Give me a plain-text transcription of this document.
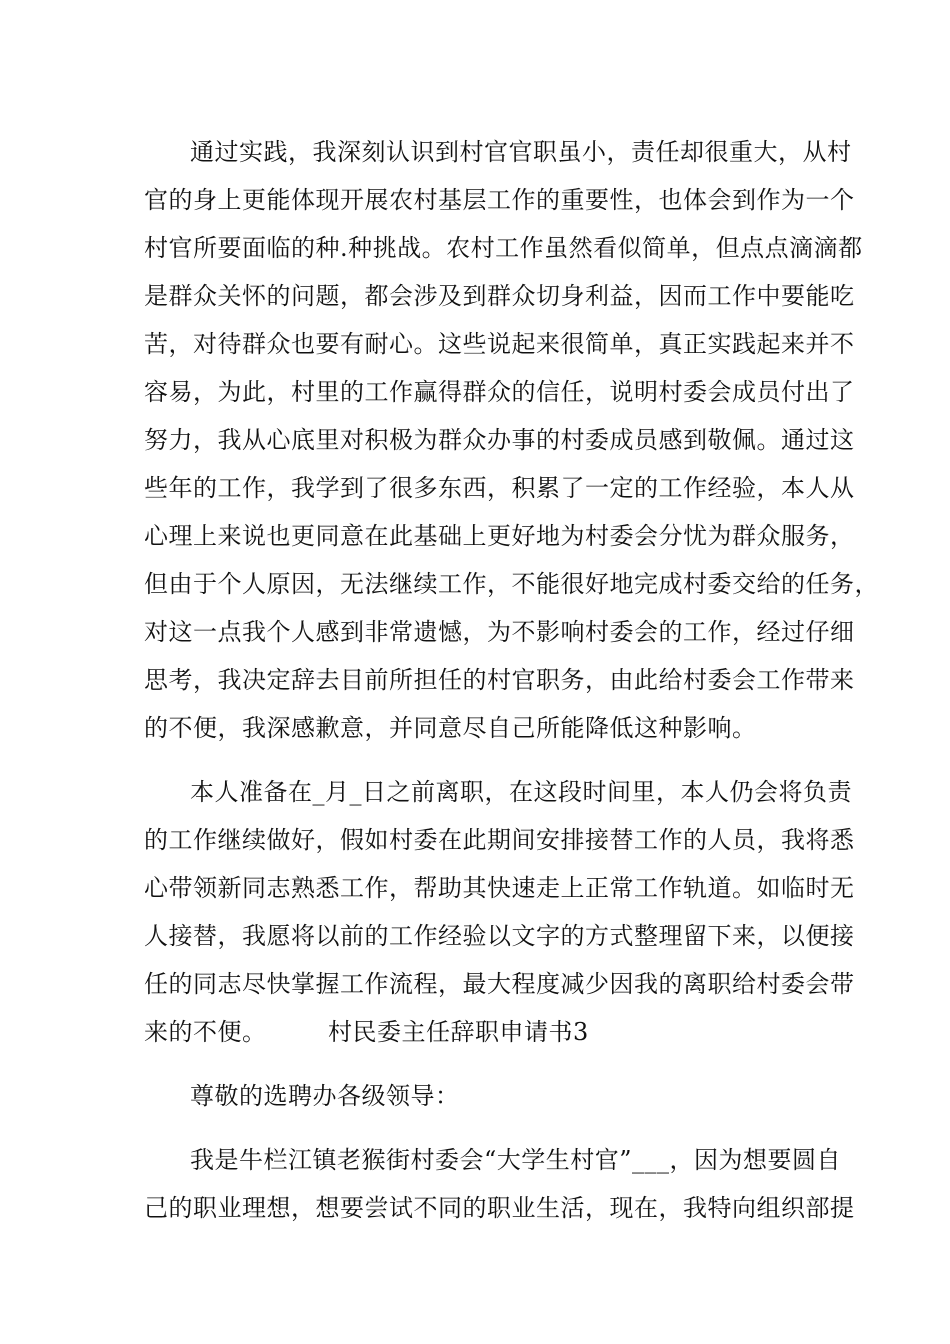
通过实践，我深刻认识到村官官职虽小，责任却很重大，从村
官的身上更能体现开展农村基层工作的重要性，也体会到作为一个
村官所要面临的种.种挑战。农村工作虽然看似简单，但点点滴滴都
是群众关怀的问题，都会涉及到群众切身利益，因而工作中要能吃
苦，对待群众也要有耐心。这些说起来很简单，真正实践起来并不
容易，为此，村里的工作赢得群众的信任，说明村委会成员付出了
努力，我从心底里对积极为群众办事的村委成员感到敬佩。通过这
些年的工作，我学到了很多东西，积累了一定的工作经验，本人从
心理上来说也更同意在此基础上更好地为村委会分忧为群众服务，
但由于个人原因，无法继续工作，不能很好地完成村委交给的任务，
对这一点我个人感到非常遗憾，为不影响村委会的工作，经过仔细
思考，我决定辞去目前所担任的村官职务，由此给村委会工作带来
的不便，我深感歉意，并同意尽自己所能降低这种影响。
本人准备在_月_日之前离职，在这段时间里，本人仍会将负责
的工作继续做好，假如村委在此期间安排接替工作的人员，我将悉
心带领新同志熟悉工作，帮助其快速走上正常工作轨道。如临时无
人接替，我愿将以前的工作经验以文字的方式整理留下来，以便接
任的同志尽快掌握工作流程，最大程度减少因我的离职给村委会带
来的不便。　　　村民委主任辞职申请书3
尊敬的选聘办各级领导：
我是牛栏江镇老猴街村委会“大学生村官”___，因为想要圆自
己的职业理想，想要尝试不同的职业生活，现在，我特向组织部提
